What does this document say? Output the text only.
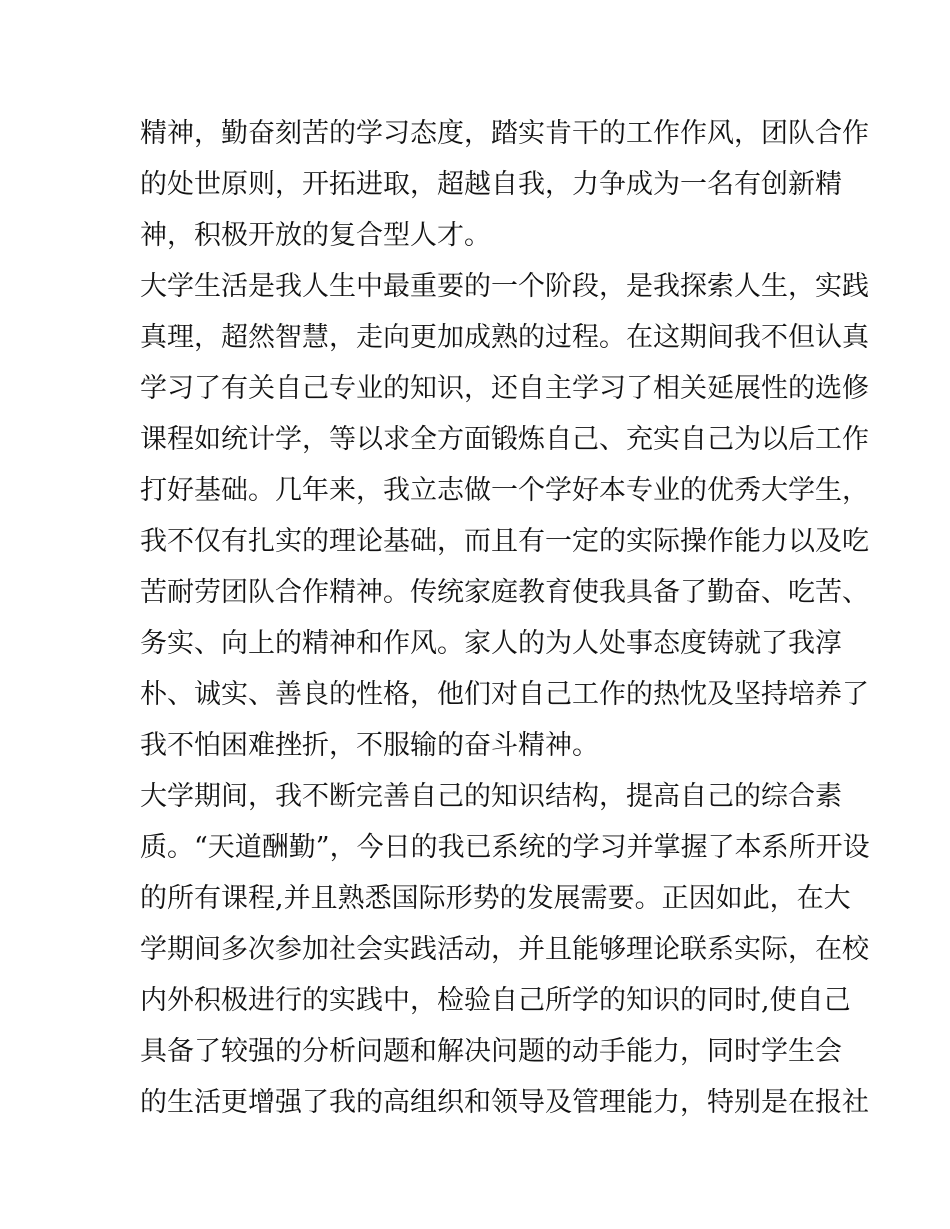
精神，勤奋刻苦的学习态度，踏实肯干的工作作风，团队合作
的处世原则，开拓进取，超越自我，力争成为一名有创新精
神，积极开放的复合型人才。

大学生活是我人生中最重要的一个阶段，是我探索人生，实践
真理，超然智慧，走向更加成熟的过程。在这期间我不但认真
学习了有关自己专业的知识，还自主学习了相关延展性的选修
课程如统计学，等以求全方面锻炼自己、充实自己为以后工作
打好基础。几年来，我立志做一个学好本专业的优秀大学生，
我不仅有扎实的理论基础，而且有一定的实际操作能力以及吃
苦耐劳团队合作精神。传统家庭教育使我具备了勤奋、吃苦、
务实、向上的精神和作风。家人的为人处事态度铸就了我淳
朴、诚实、善良的性格，他们对自己工作的热忱及坚持培养了
我不怕困难挫折，不服输的奋斗精神。

大学期间，我不断完善自己的知识结构，提高自己的综合素
质。“天道酬勤”，今日的我已系统的学习并掌握了本系所开设
的所有课程,并且熟悉国际形势的发展需要。正因如此，在大
学期间多次参加社会实践活动，并且能够理论联系实际，在校
内外积极进行的实践中，检验自己所学的知识的同时,使自己
具备了较强的分析问题和解决问题的动手能力，同时学生会
的生活更增强了我的高组织和领导及管理能力，特别是在报社
